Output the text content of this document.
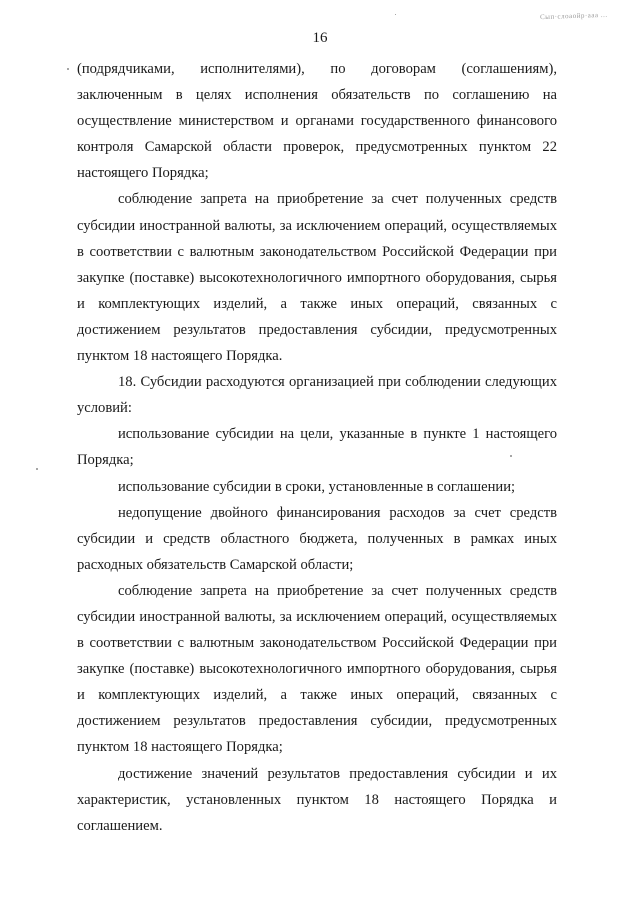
16
Сып·слоаойр·ааа ...

(подрядчиками, исполнителями), по договорам (соглашениям), заключенным в целях исполнения обязательств по соглашению на осуществление министерством и органами государственного финансового контроля Самарской области проверок, предусмотренных пунктом 22 настоящего Порядка;

соблюдение запрета на приобретение за счет полученных средств субсидии иностранной валюты, за исключением операций, осуществляемых в соответствии с валютным законодательством Российской Федерации при закупке (поставке) высокотехнологичного импортного оборудования, сырья и комплектующих изделий, а также иных операций, связанных с достижением результатов предоставления субсидии, предусмотренных пунктом 18 настоящего Порядка.

18. Субсидии расходуются организацией при соблюдении следующих условий:

использование субсидии на цели, указанные в пункте 1 настоящего Порядка;

использование субсидии в сроки, установленные в соглашении;

недопущение двойного финансирования расходов за счет средств субсидии и средств областного бюджета, полученных в рамках иных расходных обязательств Самарской области;

соблюдение запрета на приобретение за счет полученных средств субсидии иностранной валюты, за исключением операций, осуществляемых в соответствии с валютным законодательством Российской Федерации при закупке (поставке) высокотехнологичного импортного оборудования, сырья и комплектующих изделий, а также иных операций, связанных с достижением результатов предоставления субсидии, предусмотренных пунктом 18 настоящего Порядка;

достижение значений результатов предоставления субсидии и их характеристик, установленных пунктом 18 настоящего Порядка и соглашением.
